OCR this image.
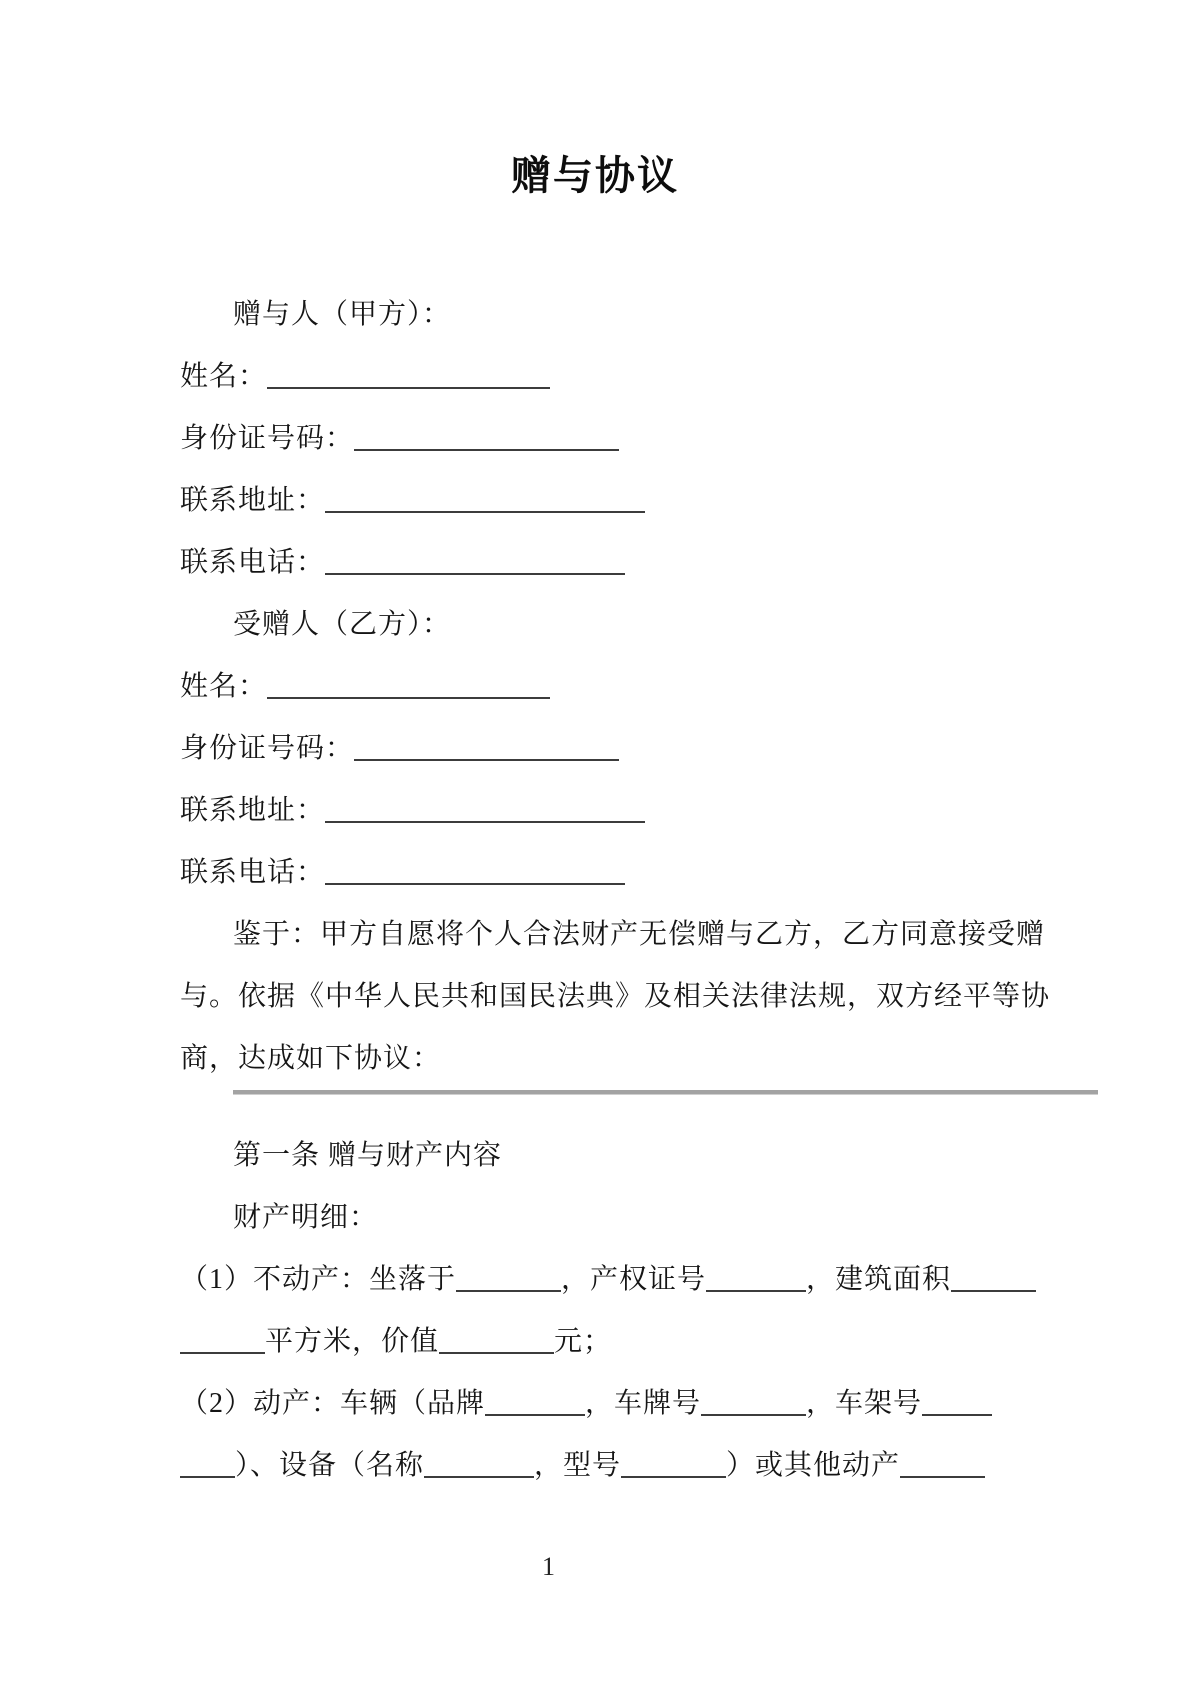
赠与协议
赠与人（甲方）：
姓名：
身份证号码：
联系地址：
联系电话：
受赠人（乙方）：
姓名：
身份证号码：
联系地址：
联系电话：
鉴于：甲方自愿将个人合法财产无偿赠与乙方，乙方同意接受赠
与。依据《中华人民共和国民法典》及相关法律法规，双方经平等协
商，达成如下协议：
第一条 赠与财产内容
财产明细：
（1）不动产：坐落于	，产权证号	，建筑面积
平方米，价值	元；
（2）动产：车辆（品牌	，车牌号	，车架号
）、设备（名称	，型号	）或其他动产
1
